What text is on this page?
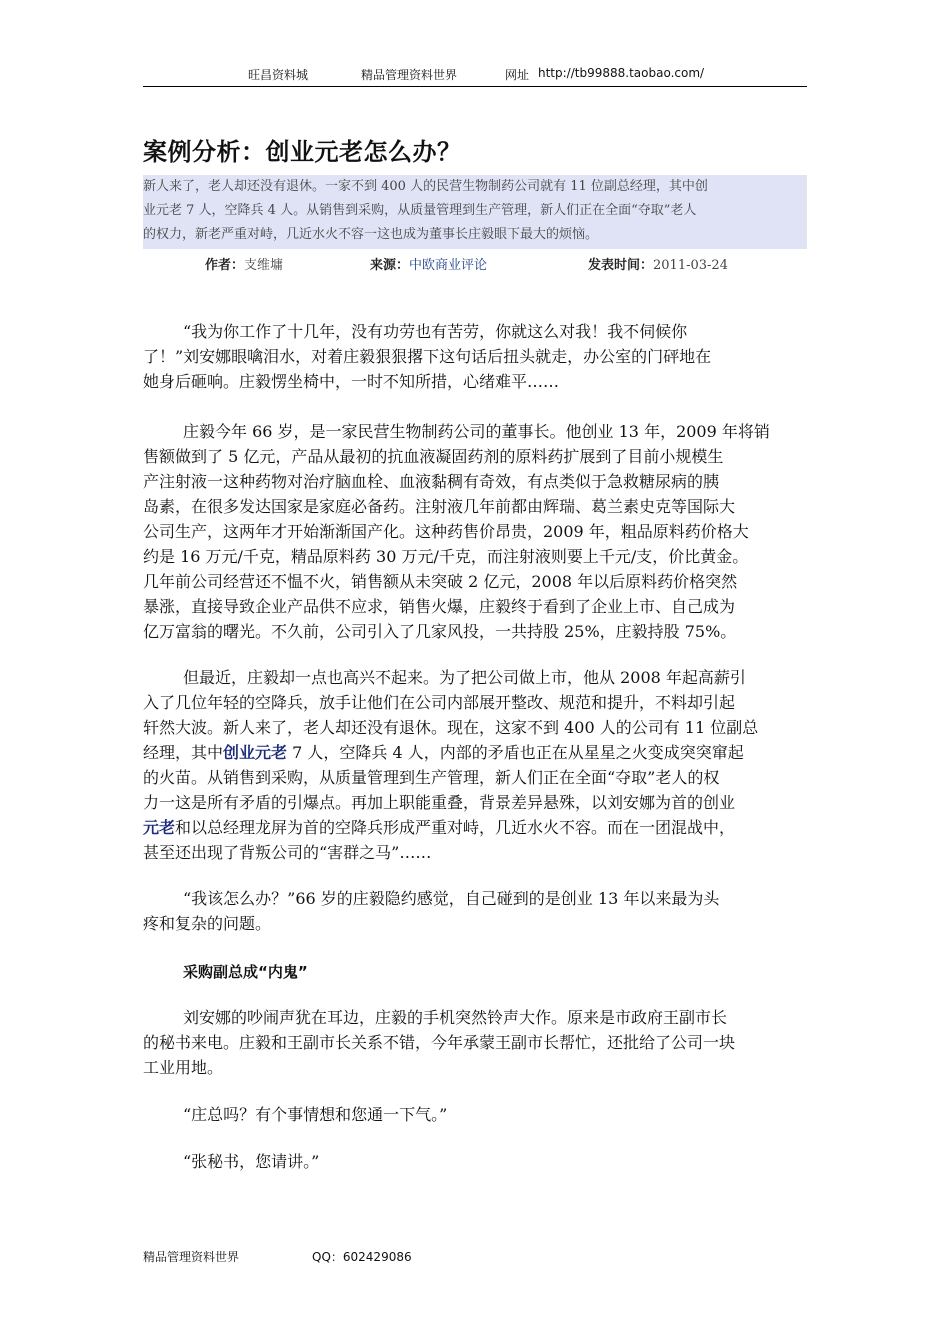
旺昌资料城	精品管理资料世界	网址 http://tb99888.taobao.com/
案例分析：创业元老怎么办？
新人来了，老人却还没有退休。一家不到 400 人的民营生物制药公司就有 11 位副总经理，其中创
业元老 7 人，空降兵 4 人。从销售到采购，从质量管理到生产管理，新人们正在全面“夺取”老人
的权力，新老严重对峙，几近水火不容一这也成为董事长庄毅眼下最大的烦恼。
作者：支维墉	来源：中欧商业评论	发表时间：2011-03-24
“我为你工作了十几年，没有功劳也有苦劳，你就这么对我！我不伺候你
了！”刘安娜眼噙泪水，对着庄毅狠狠撂下这句话后扭头就走，办公室的门砰地在
她身后砸响。庄毅愣坐椅中，一时不知所措，心绪难平……
庄毅今年 66 岁，是一家民营生物制药公司的董事长。他创业 13 年，2009 年将销
售额做到了 5 亿元，产品从最初的抗血液凝固药剂的原料药扩展到了目前小规模生
产注射液一这种药物对治疗脑血栓、血液黏稠有奇效，有点类似于急救糖尿病的胰
岛素，在很多发达国家是家庭必备药。注射液几年前都由辉瑞、葛兰素史克等国际大
公司生产，这两年才开始渐渐国产化。这种药售价昂贵，2009 年，粗品原料药价格大
约是 16 万元/千克，精品原料药 30 万元/千克，而注射液则要上千元/支，价比黄金。
几年前公司经营还不愠不火，销售额从未突破 2 亿元，2008 年以后原料药价格突然
暴涨，直接导致企业产品供不应求，销售火爆，庄毅终于看到了企业上市、自己成为
亿万富翁的曙光。不久前，公司引入了几家风投，一共持股 25%，庄毅持股 75%。
但最近，庄毅却一点也高兴不起来。为了把公司做上市，他从 2008 年起高薪引
入了几位年轻的空降兵，放手让他们在公司内部展开整改、规范和提升，不料却引起
轩然大波。新人来了，老人却还没有退休。现在，这家不到 400 人的公司有 11 位副总
经理，其中创业元老 7 人，空降兵 4 人，内部的矛盾也正在从星星之火变成突突窜起
的火苗。从销售到采购，从质量管理到生产管理，新人们正在全面“夺取”老人的权
力一这是所有矛盾的引爆点。再加上职能重叠，背景差异悬殊，以刘安娜为首的创业
元老和以总经理龙屏为首的空降兵形成严重对峙，几近水火不容。而在一团混战中，
甚至还出现了背叛公司的“害群之马”……
“我该怎么办？”66 岁的庄毅隐约感觉，自己碰到的是创业 13 年以来最为头
疼和复杂的问题。
采购副总成“内鬼”
刘安娜的吵闹声犹在耳边，庄毅的手机突然铃声大作。原来是市政府王副市长
的秘书来电。庄毅和王副市长关系不错，今年承蒙王副市长帮忙，还批给了公司一块
工业用地。
“庄总吗？有个事情想和您通一下气。”
“张秘书，您请讲。”
精品管理资料世界	QQ：602429086
